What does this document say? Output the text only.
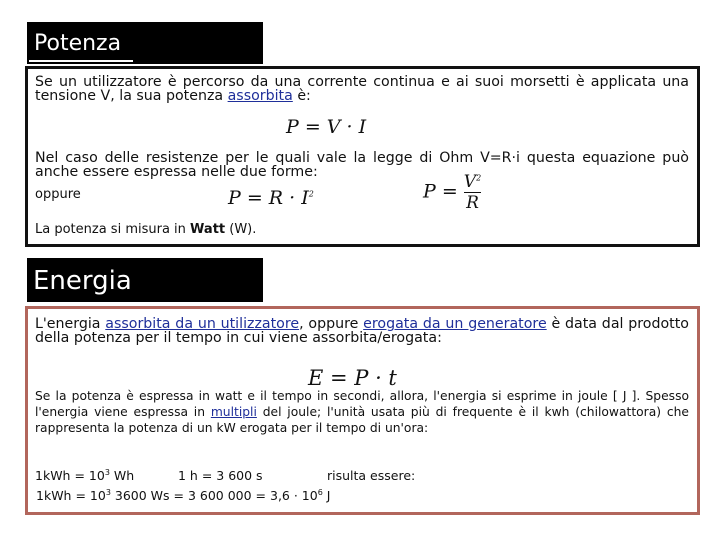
Potenza
Se un utilizzatore è percorso da una corrente continua e ai suoi morsetti è applicata una tensione V, la sua potenza assorbita è:
P = V · I
Nel caso delle resistenze per le quali vale la legge di Ohm V=R·i questa equazione può anche essere espressa nelle due forme:
oppure	$P = R \cdot I^2$	$P = \frac{V^2}{R}$
La potenza si misura in Watt (W).
Energia
L'energia assorbita da un utilizzatore, oppure erogata da un generatore è data dal prodotto della potenza per il tempo in cui viene assorbita/erogata:
E = P · t
Se la potenza è espressa in watt e il tempo in secondi, allora, l'energia si esprime in joule [ J ]. Spesso l'energia viene espressa in multipli del joule; l'unità usata più di frequente è il kwh (chilowattora) che rappresenta la potenza di un kW erogata per il tempo di un'ora:
$1kWh = 10^3$ Wh	1 h = 3 600 s	risulta essere:
$1kWh = 10^3$ 3600 Ws = 3 600 $000 = 3,6 \cdot 10^6$ J
